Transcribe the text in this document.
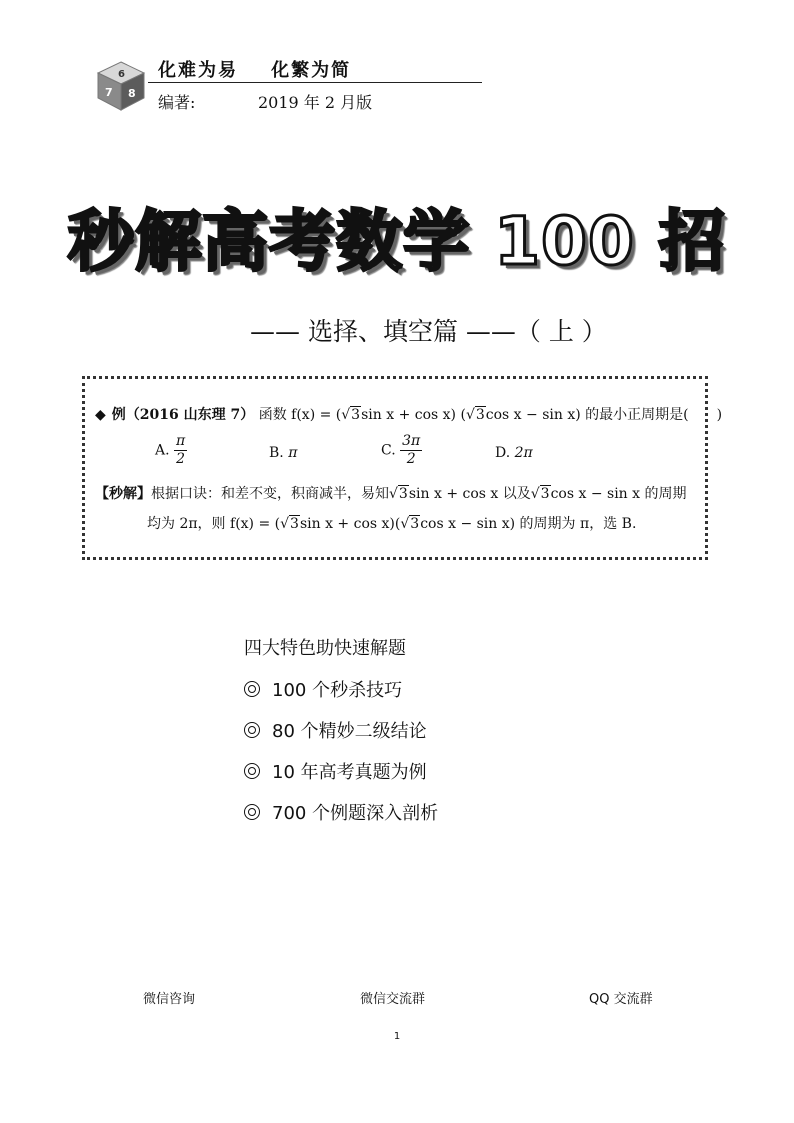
6
7 8
化难为易    化繁为简
编著:	2019 年 2 月版
秒解高考数学 100 招
—— 选择、填空篇 ——（ 上 ）
◆ 例（2016 山东理 7） 函数 f(x) = (√3sin x + cos x) (√3cos x − sin x) 的最小正周期是(　　)
A. $\frac{\pi}{2}$	B. π	C. $\frac{3\pi}{2}$	D. 2π
【秒解】根据口诀：和差不变，积商减半，易知√3sin x + cos x 以及√3cos x − sin x 的周期
均为 2π，则 f(x) = (√3sin x + cos x)(√3cos x − sin x) 的周期为 π，选 B.
四大特色助快速解题
100 个秒杀技巧
80 个精妙二级结论
10 年高考真题为例
700 个例题深入剖析
微信咨询	微信交流群	QQ 交流群
1
